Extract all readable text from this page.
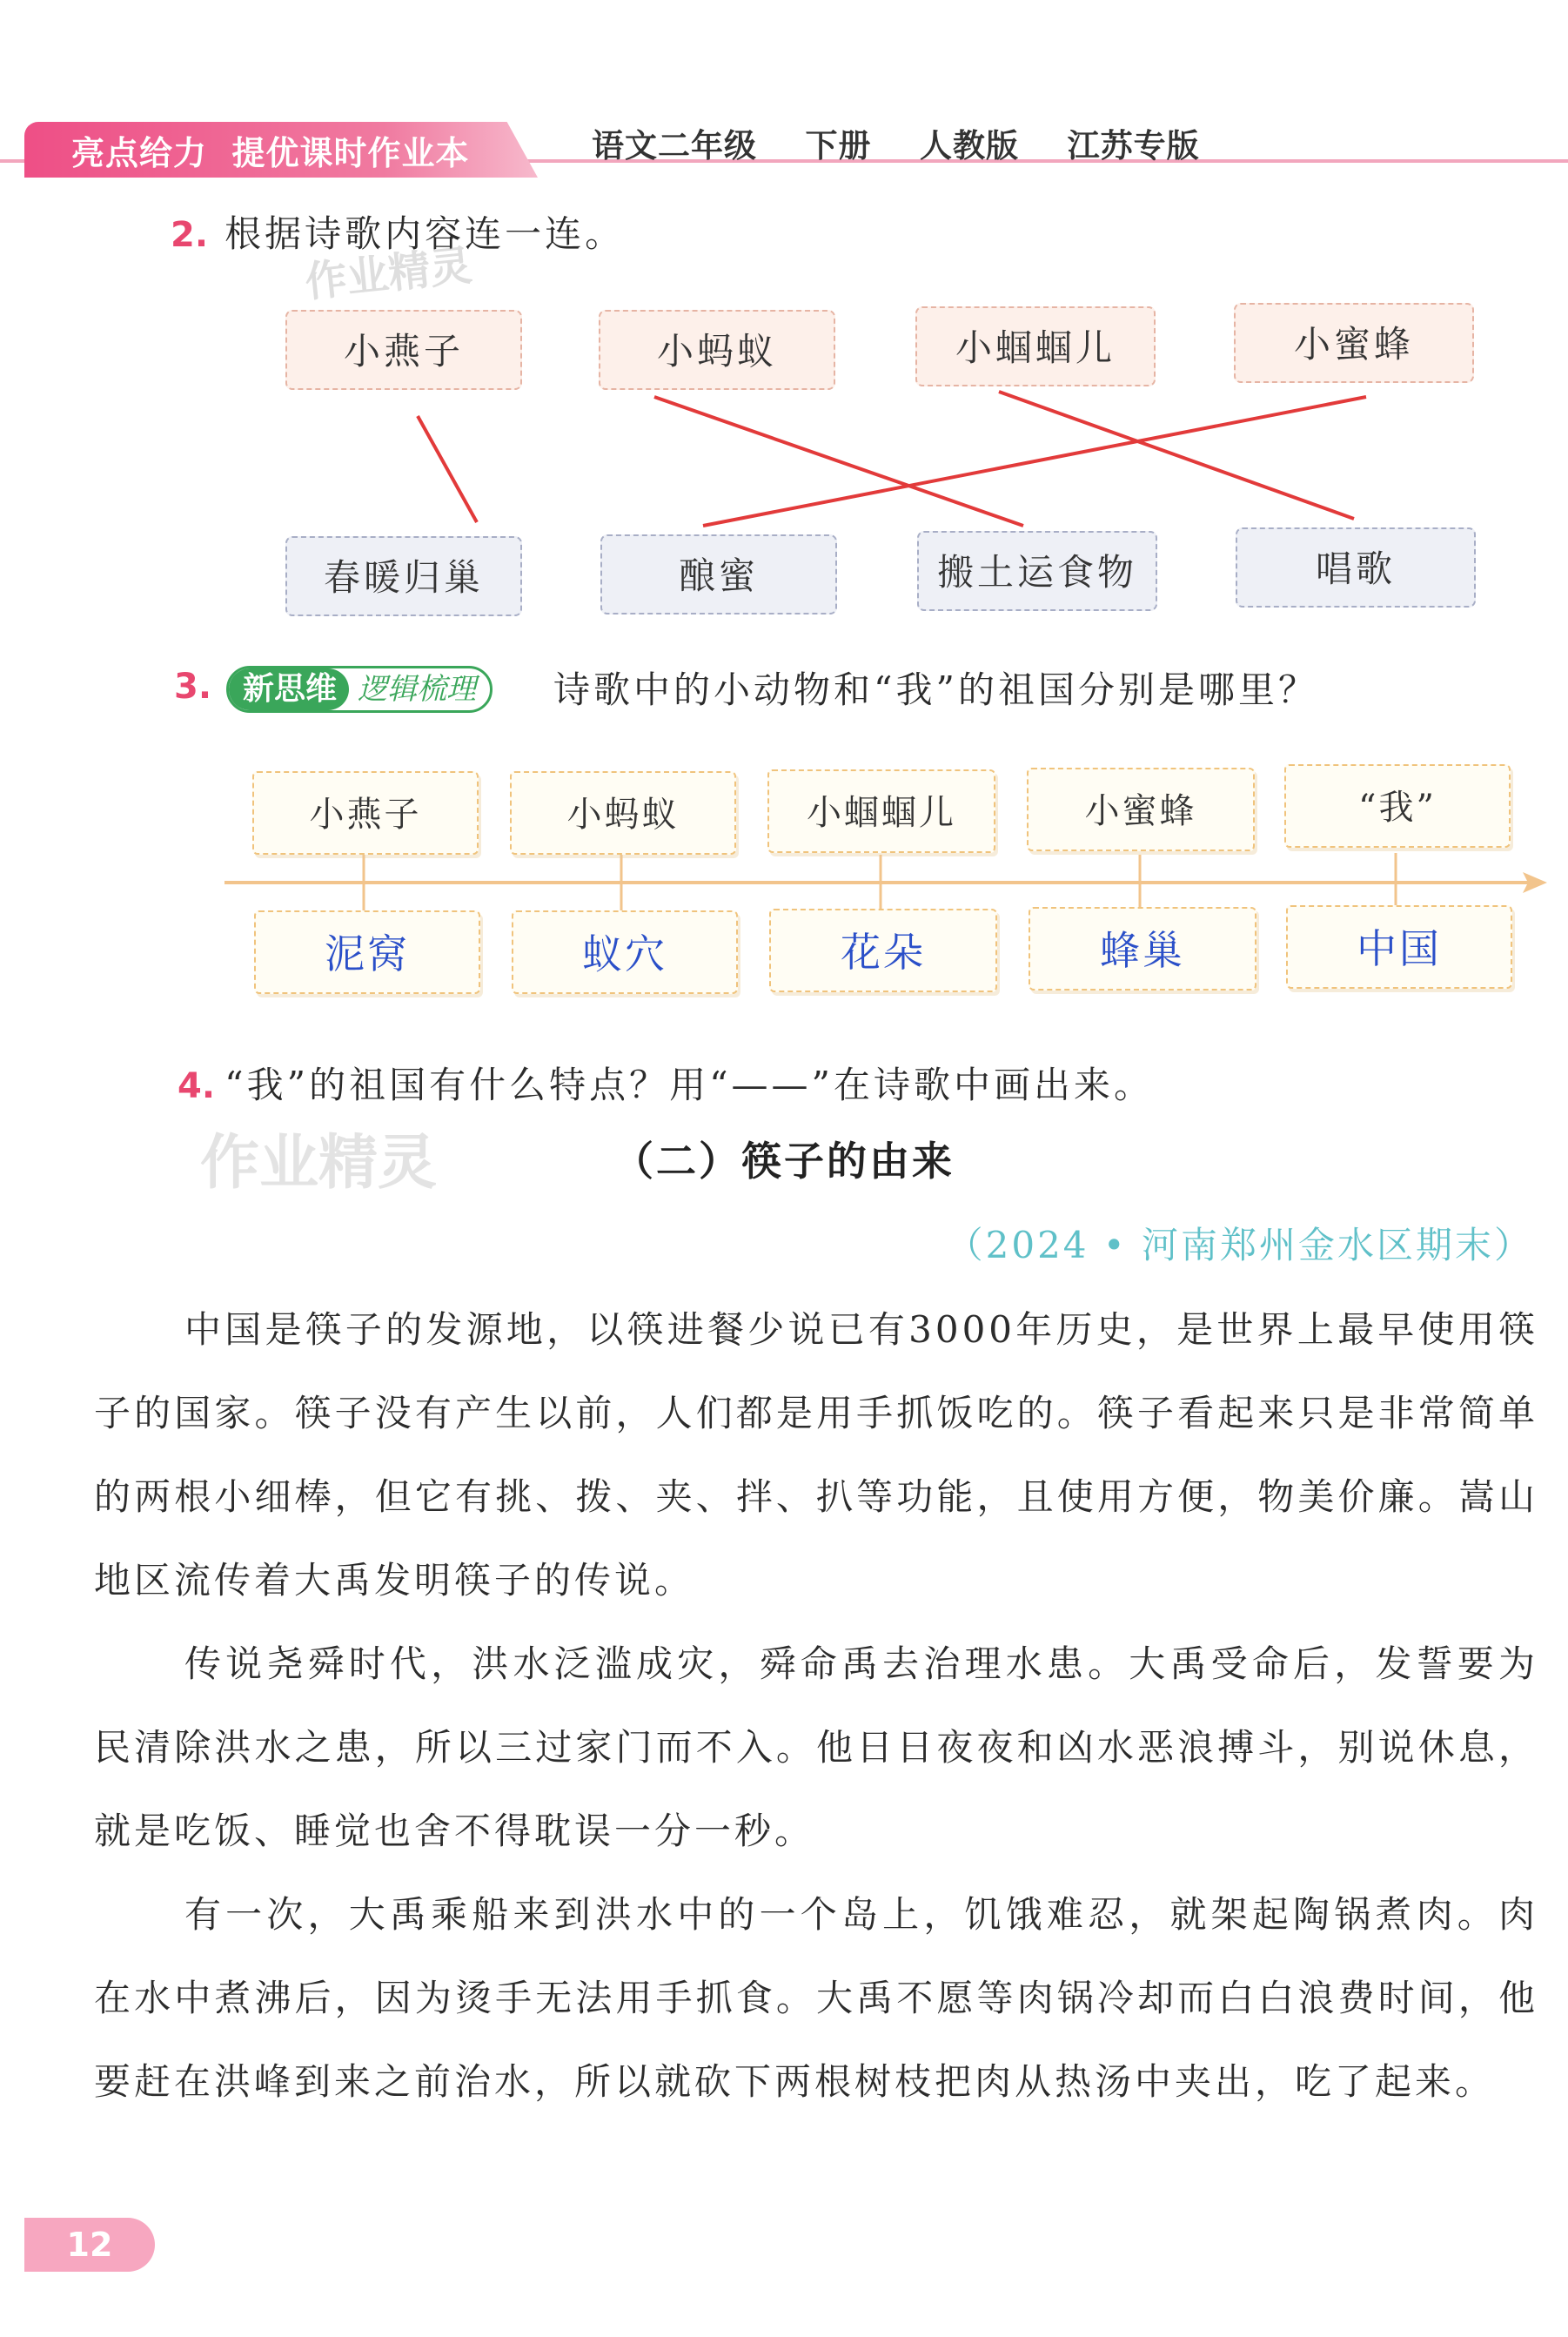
亮点给力  提优课时作业本	语文二年级    下册    人教版    江苏专版
2. 根据诗歌内容连一连。
作业精灵
小燕子	小蚂蚁	小蝈蝈儿	小蜜蜂
春暖归巢	酿蜜	搬土运食物	唱歌
3. 新思维 逻辑梳理	诗歌中的小动物和“我”的祖国分别是哪里？
小燕子	小蚂蚁	小蝈蝈儿	小蜜蜂	“我”
泥窝	蚁穴	花朵	蜂巢	中国
4. “我”的祖国有什么特点？用“——”在诗歌中画出来。
作业精灵	（二）筷子的由来
（2024 • 河南郑州金水区期末）
中国是筷子的发源地，以筷进餐少说已有3000年历史，是世界上最早使用筷子的国家。筷子没有产生以前，人们都是用手抓饭吃的。筷子看起来只是非常简单的两根小细棒，但它有挑、拨、夹、拌、扒等功能，且使用方便，物美价廉。嵩山地区流传着大禹发明筷子的传说。
传说尧舜时代，洪水泛滥成灾，舜命禹去治理水患。大禹受命后，发誓要为民清除洪水之患，所以三过家门而不入。他日日夜夜和凶水恶浪搏斗，别说休息，就是吃饭、睡觉也舍不得耽误一分一秒。
有一次，大禹乘船来到洪水中的一个岛上，饥饿难忍，就架起陶锅煮肉。肉在水中煮沸后，因为烫手无法用手抓食。大禹不愿等肉锅冷却而白白浪费时间，他要赶在洪峰到来之前治水，所以就砍下两根树枝把肉从热汤中夹出，吃了起来。
12
